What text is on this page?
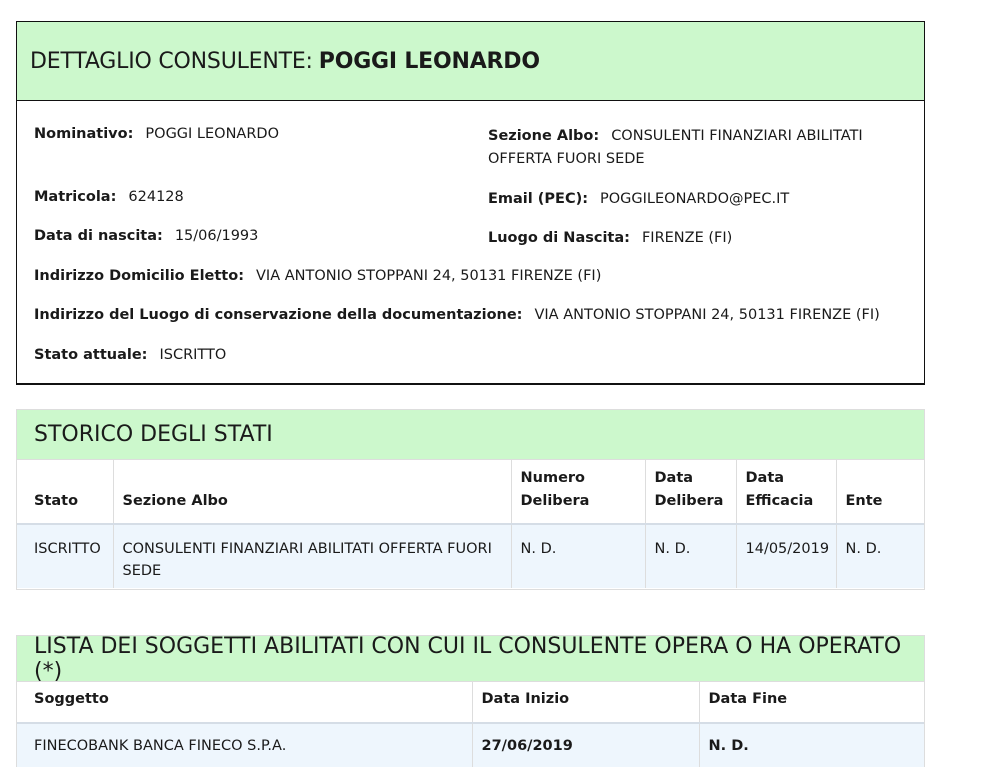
DETTAGLIO CONSULENTE: POGGI LEONARDO
Nominativo: POGGI LEONARDO	Sezione Albo: CONSULENTI FINANZIARI ABILITATI OFFERTA FUORI SEDE
Matricola: 624128	Email (PEC): POGGILEONARDO@PEC.IT
Data di nascita: 15/06/1993	Luogo di Nascita: FIRENZE (FI)
Indirizzo Domicilio Eletto: VIA ANTONIO STOPPANI 24, 50131 FIRENZE (FI)
Indirizzo del Luogo di conservazione della documentazione: VIA ANTONIO STOPPANI 24, 50131 FIRENZE (FI)
Stato attuale: ISCRITTO
STORICO DEGLI STATI
Stato	Sezione Albo	Numero Delibera	Data Delibera	Data Efficacia	Ente
ISCRITTO	CONSULENTI FINANZIARI ABILITATI OFFERTA FUORI SEDE	N. D.	N. D.	14/05/2019	N. D.
LISTA DEI SOGGETTI ABILITATI CON CUI IL CONSULENTE OPERA O HA OPERATO (*)
Soggetto	Data Inizio	Data Fine
FINECOBANK BANCA FINECO S.P.A.	27/06/2019	N. D.
